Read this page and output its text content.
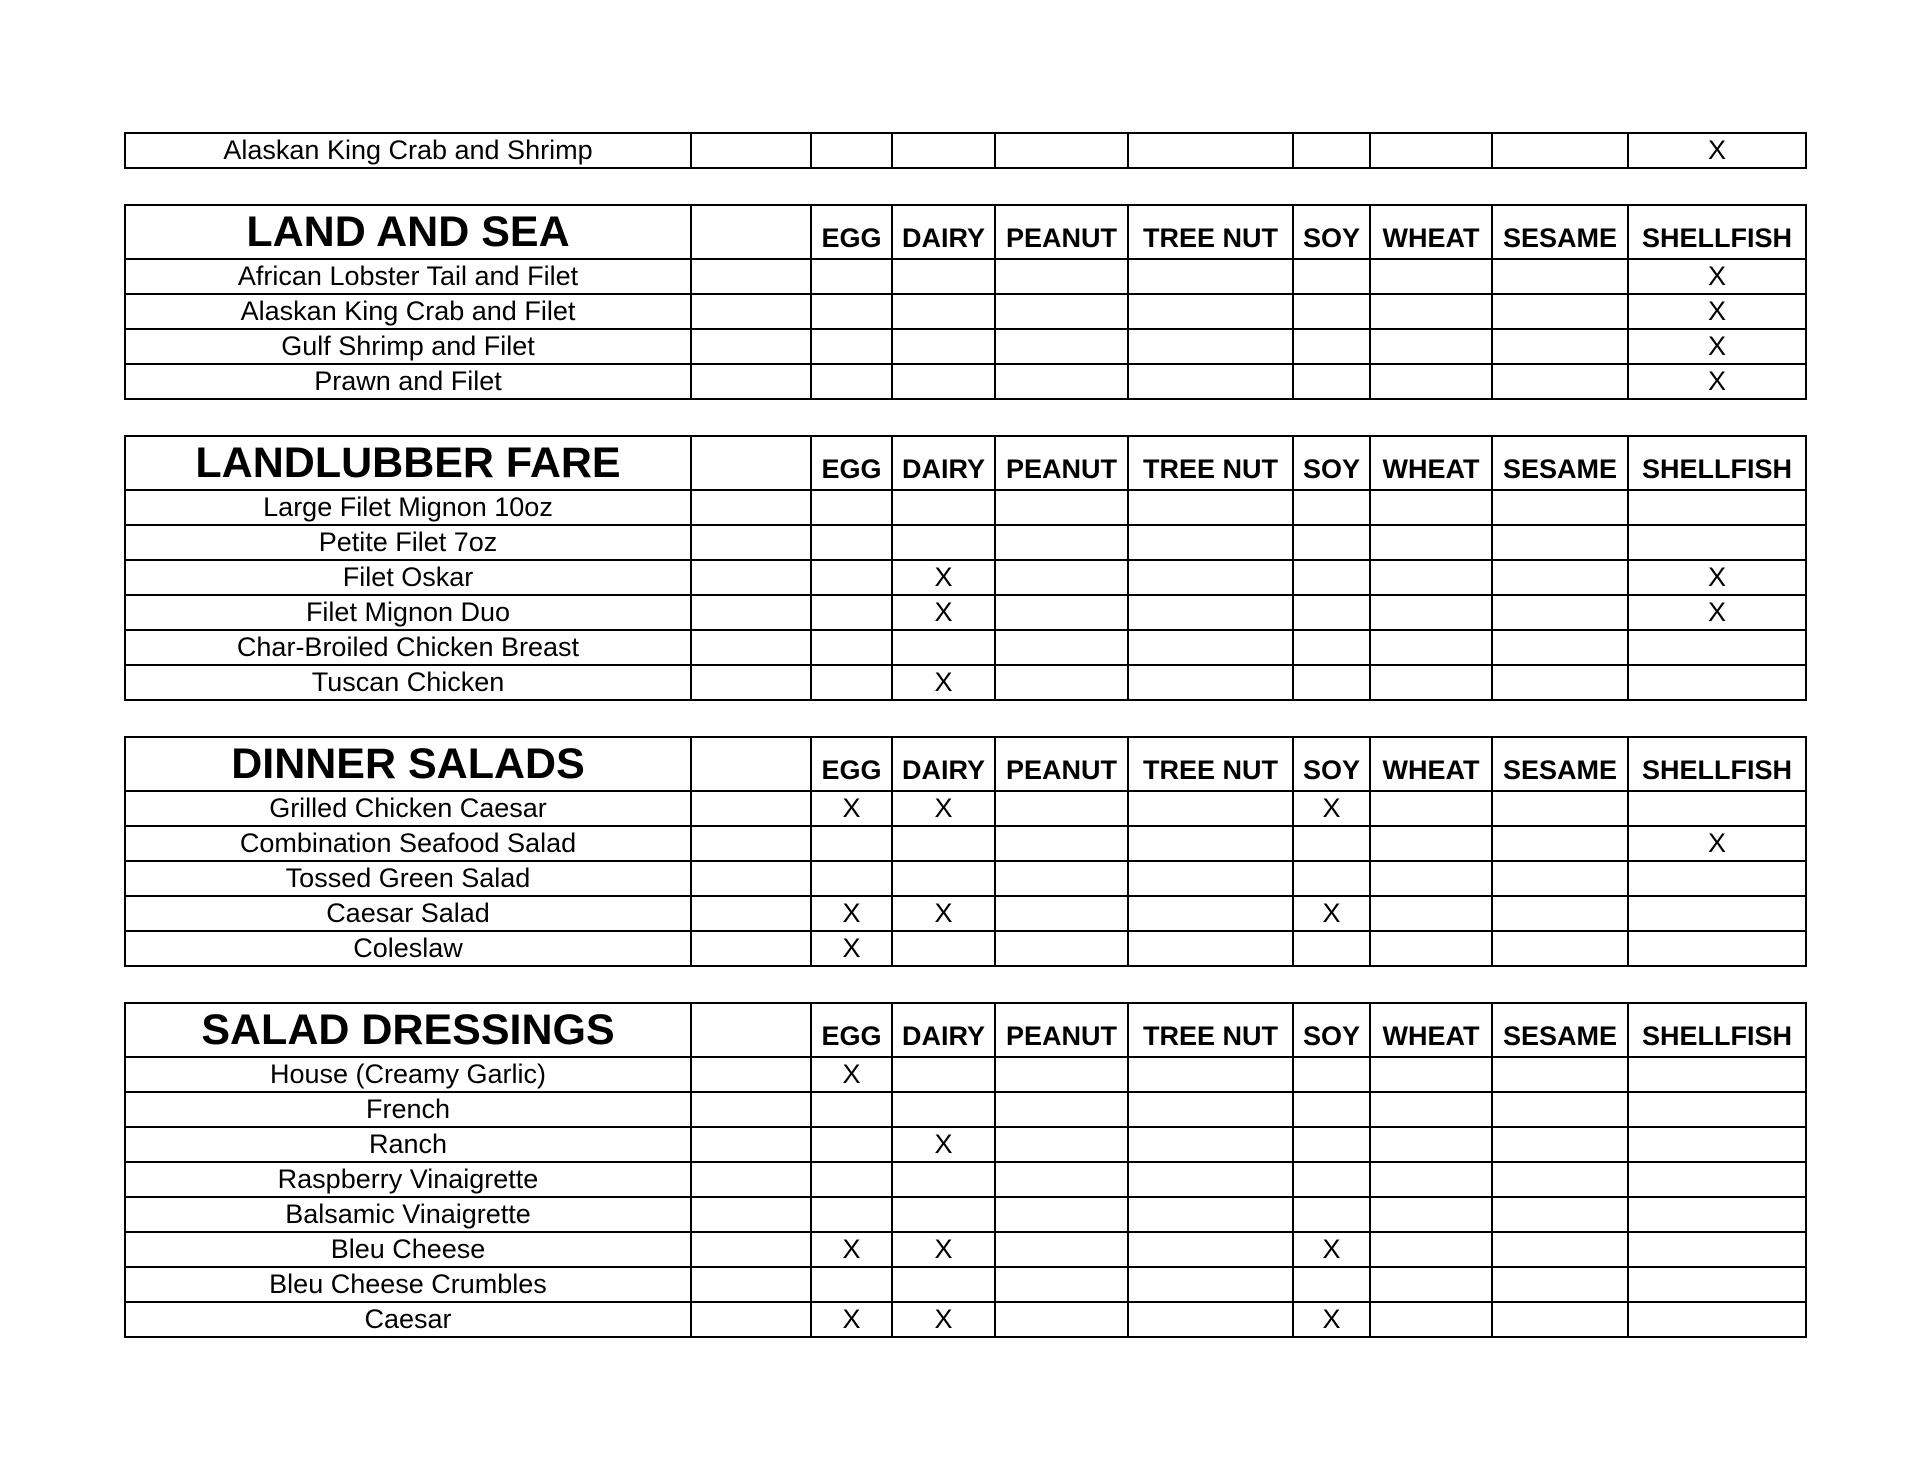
Alaskan King Crab and Shrimp									X
LAND AND SEA		EGG	DAIRY	PEANUT	TREE NUT	SOY	WHEAT	SESAME	SHELLFISH
African Lobster Tail and Filet									X
Alaskan King Crab and Filet									X
Gulf Shrimp and Filet									X
Prawn and Filet									X
LANDLUBBER FARE		EGG	DAIRY	PEANUT	TREE NUT	SOY	WHEAT	SESAME	SHELLFISH
Large Filet Mignon 10oz									
Petite Filet 7oz									
Filet Oskar			X						X
Filet Mignon Duo			X						X
Char-Broiled Chicken Breast									
Tuscan Chicken			X						
DINNER SALADS		EGG	DAIRY	PEANUT	TREE NUT	SOY	WHEAT	SESAME	SHELLFISH
Grilled Chicken Caesar		X	X			X			
Combination Seafood Salad									X
Tossed Green Salad									
Caesar Salad		X	X			X			
Coleslaw		X							
SALAD DRESSINGS		EGG	DAIRY	PEANUT	TREE NUT	SOY	WHEAT	SESAME	SHELLFISH
House (Creamy Garlic)		X							
French									
Ranch			X						
Raspberry Vinaigrette									
Balsamic Vinaigrette									
Bleu Cheese		X	X			X			
Bleu Cheese Crumbles									
Caesar		X	X			X			
